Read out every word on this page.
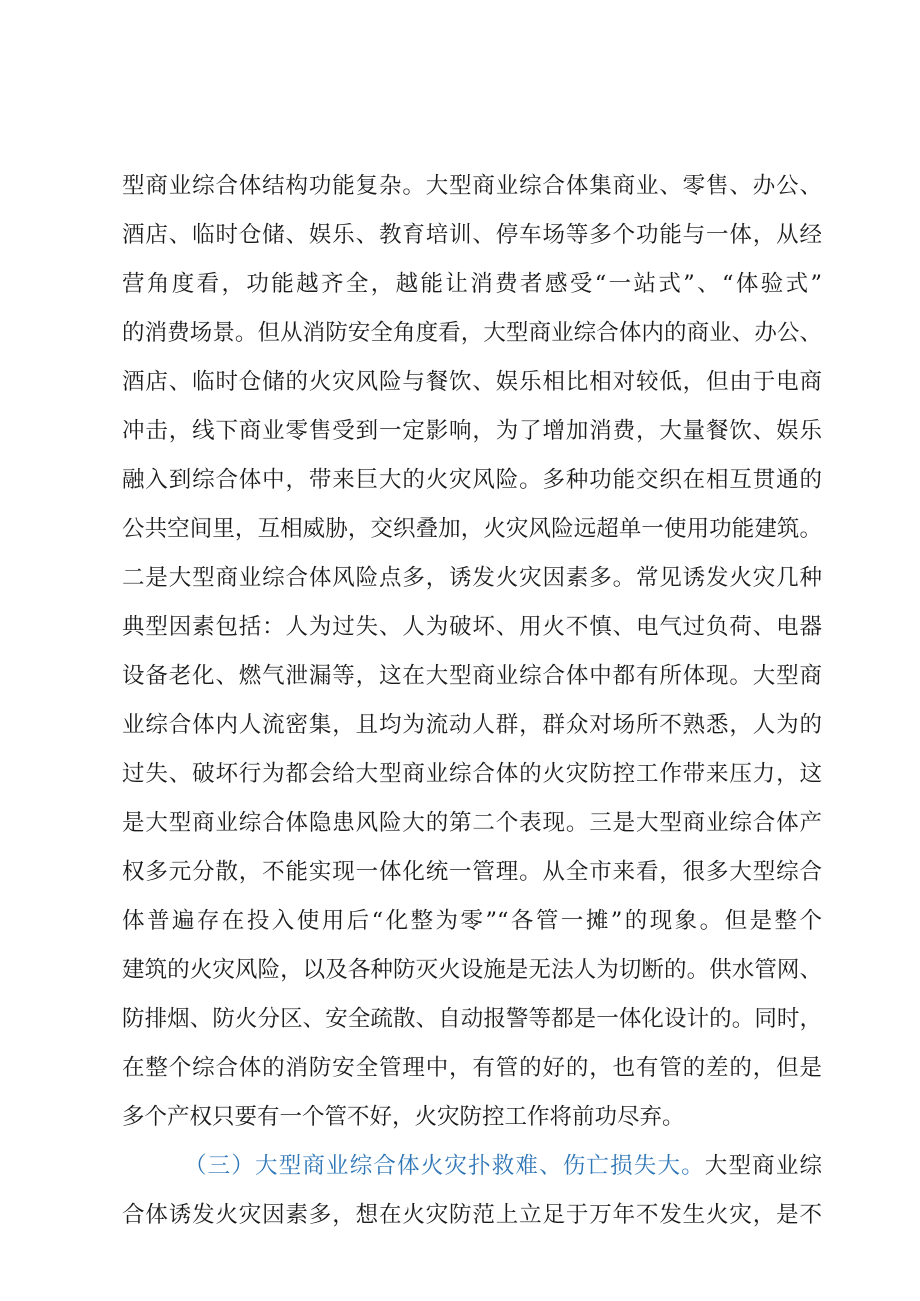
型商业综合体结构功能复杂。大型商业综合体集商业、零售、办公、
酒店、临时仓储、娱乐、教育培训、停车场等多个功能与一体，从经
营角度看，功能越齐全，越能让消费者感受“一站式”、“体验式”
的消费场景。但从消防安全角度看，大型商业综合体内的商业、办公、
酒店、临时仓储的火灾风险与餐饮、娱乐相比相对较低，但由于电商
冲击，线下商业零售受到一定影响，为了增加消费，大量餐饮、娱乐
融入到综合体中，带来巨大的火灾风险。多种功能交织在相互贯通的
公共空间里，互相威胁，交织叠加，火灾风险远超单一使用功能建筑。
二是大型商业综合体风险点多，诱发火灾因素多。常见诱发火灾几种
典型因素包括：人为过失、人为破坏、用火不慎、电气过负荷、电器
设备老化、燃气泄漏等，这在大型商业综合体中都有所体现。大型商
业综合体内人流密集，且均为流动人群，群众对场所不熟悉，人为的
过失、破坏行为都会给大型商业综合体的火灾防控工作带来压力，这
是大型商业综合体隐患风险大的第二个表现。三是大型商业综合体产
权多元分散，不能实现一体化统一管理。从全市来看，很多大型综合
体普遍存在投入使用后“化整为零”“各管一摊”的现象。但是整个
建筑的火灾风险，以及各种防灭火设施是无法人为切断的。供水管网、
防排烟、防火分区、安全疏散、自动报警等都是一体化设计的。同时，
在整个综合体的消防安全管理中，有管的好的，也有管的差的，但是
多个产权只要有一个管不好，火灾防控工作将前功尽弃。
（三）大型商业综合体火灾扑救难、伤亡损失大。大型商业综
合体诱发火灾因素多，想在火灾防范上立足于万年不发生火灾，是不
